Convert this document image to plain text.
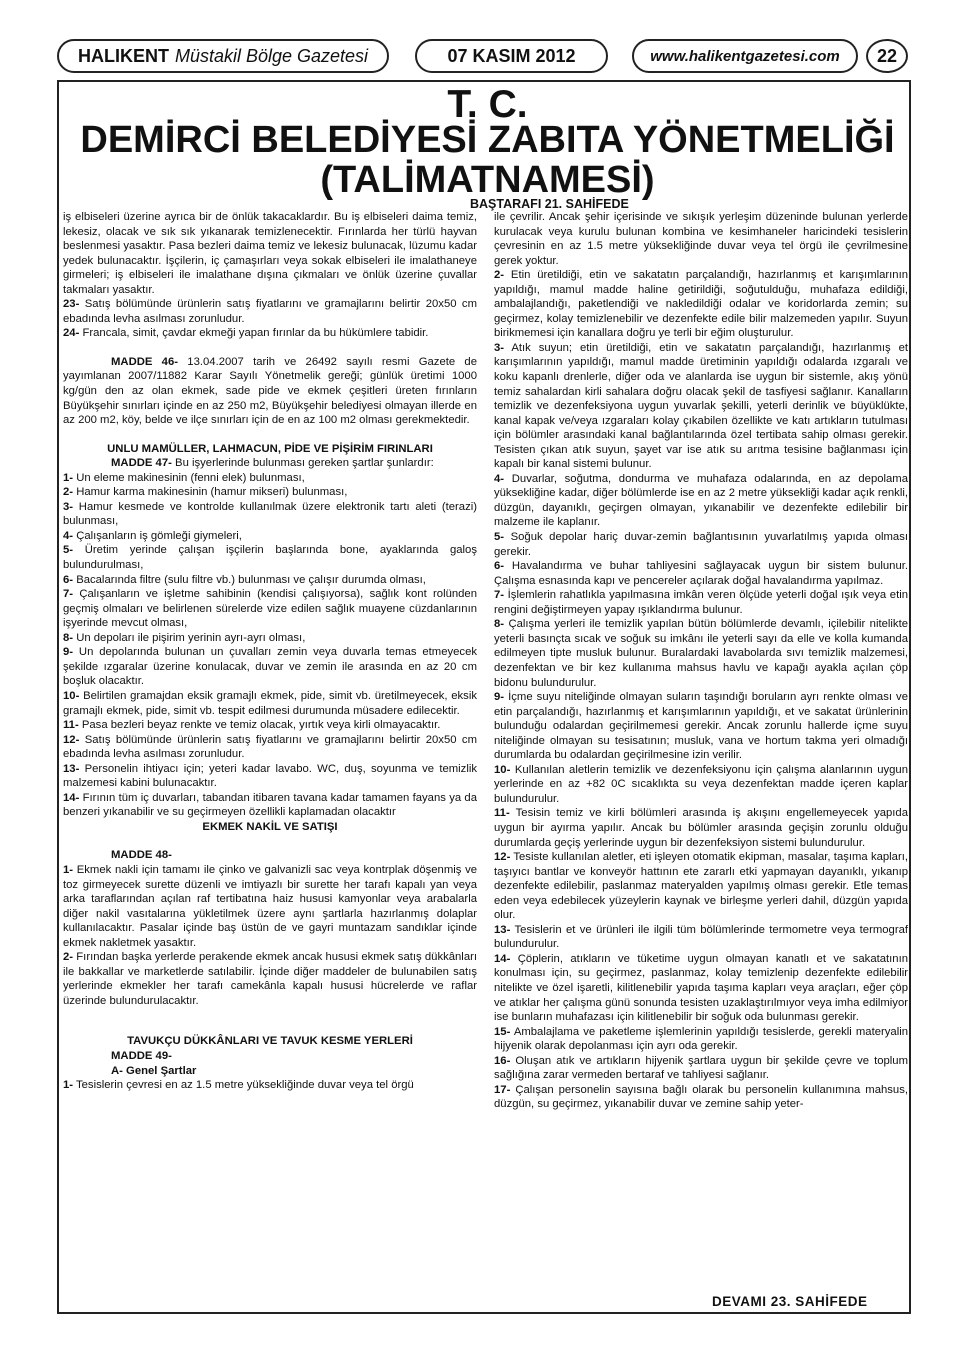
HALIKENT Müstakil Bölge Gazetesi	07 KASIM 2012	www.halikentgazetesi.com	22
T. C.
DEMİRCİ BELEDİYESİ ZABITA YÖNETMELİĞİ
(TALİMATNAMESİ)
BAŞTARAFI 21. SAHİFEDE

iş elbiseleri üzerine ayrıca bir de önlük takacaklardır. Bu iş elbiseleri daima temiz, lekesiz, olacak ve sık sık yıkanarak temizlenecektir. Fırınlarda her türlü hayvan beslenmesi yasaktır. Pasa bezleri daima temiz ve lekesiz bulunacak, lüzumu kadar yedek bulunacaktır. İşçilerin, iç çamaşırları veya sokak elbiseleri ile imalathaneye girmeleri; iş elbiseleri ile imalathane dışına çıkmaları ve önlük üzerine çuvallar takmaları yasaktır.

23- Satış bölümünde ürünlerin satış fiyatlarını ve gramajlarını belirtir 20x50 cm ebadında levha asılması zorunludur.

24- Francala, simit, çavdar ekmeği yapan fırınlar da bu hükümlere tabidir.

MADDE 46- 13.04.2007 tarih ve 26492 sayılı resmi Gazete de yayımlanan 2007/11882 Karar Sayılı Yönetmelik gereği; günlük üretimi 1000 kg/gün den az olan ekmek, sade pide ve ekmek çeşitleri üreten fırınların Büyükşehir sınırları içinde en az 250 m2, Büyükşehir belediyesi olmayan illerde en az 200 m2, köy, belde ve ilçe sınırları için de en az 100 m2 olması gerekmektedir.

UNLU MAMÜLLER, LAHMACUN, PİDE VE PİŞİRİM FIRINLARI

MADDE 47- Bu işyerlerinde bulunması gereken şartlar şunlardır:

1- Un eleme makinesinin (fenni elek) bulunması,

2- Hamur karma makinesinin (hamur mikseri) bulunması,

3- Hamur kesmede ve kontrolde kullanılmak üzere elektronik tartı aleti (terazi) bulunması,

4- Çalışanların iş gömleği giymeleri,

5- Üretim yerinde çalışan işçilerin başlarında bone, ayaklarında galoş bulundurulması,

6- Bacalarında filtre (sulu filtre vb.) bulunması ve çalışır durumda olması,

7- Çalışanların ve işletme sahibinin (kendisi çalışıyorsa), sağlık kont rolünden geçmiş olmaları ve belirlenen sürelerde vize edilen sağlık muayene cüzdanlarının işyerinde mevcut olması,

8- Un depoları ile pişirim yerinin ayrı-ayrı olması,

9- Un depolarında bulunan un çuvalları zemin veya duvarla temas etmeyecek şekilde ızgaralar üzerine konulacak, duvar ve zemin ile arasında en az 20 cm boşluk olacaktır.

10- Belirtilen gramajdan eksik gramajlı ekmek, pide, simit vb. üretilmeyecek, eksik gramajlı ekmek, pide, simit vb. tespit edilmesi durumunda müsadere edilecektir.

11- Pasa bezleri beyaz renkte ve temiz olacak, yırtık veya kirli olmayacaktır.

12- Satış bölümünde ürünlerin satış fiyatlarını ve gramajlarını belirtir 20x50 cm ebadında levha asılması zorunludur.

13- Personelin ihtiyacı için; yeteri kadar lavabo. WC, duş, soyunma ve temizlik malzemesi kabini bulunacaktır.

14- Fırının tüm iç duvarları, tabandan itibaren tavana kadar tamamen fayans ya da benzeri yıkanabilir ve su geçirmeyen özellikli kaplamadan olacaktır

EKMEK NAKİL VE SATIŞI

MADDE 48-

1- Ekmek nakli için tamamı ile çinko ve galvanizli sac veya kontrplak döşenmiş ve toz girmeyecek surette düzenli ve imtiyazlı bir surette her tarafı kapalı yan veya arka taraflarından açılan raf tertibatına haiz hususi kamyonlar veya arabalarla diğer nakil vasıtalarına yükletilmek üzere aynı şartlarla hazırlanmış dolaplar kullanılacaktır. Pasalar içinde baş üstün de ve gayri muntazam sandıklar içinde ekmek nakletmek yasaktır.

2- Fırından başka yerlerde perakende ekmek ancak hususi ekmek satış dükkânları ile bakkallar ve marketlerde satılabilir. İçinde diğer maddeler de bulunabilen satış yerlerinde ekmekler her tarafı camekânla kapalı hususi hücrelerde ve raflar üzerinde bulundurulacaktır.

TAVUKÇU DÜKKÂNLARI VE TAVUK KESME YERLERİ

MADDE 49-

A- Genel Şartlar

1- Tesislerin çevresi en az 1.5 metre yüksekliğinde duvar veya tel örgü

ile çevrilir. Ancak şehir içerisinde ve sıkışık yerleşim düzeninde bulunan yerlerde kurulacak veya kurulu bulunan kombina ve kesimhaneler haricindeki tesislerin çevresinin en az 1.5 metre yüksekliğinde duvar veya tel örgü ile çevrilmesine gerek yoktur.

2- Etin üretildiği, etin ve sakatatın parçalandığı, hazırlanmış et karışımlarının yapıldığı, mamul madde haline getirildiği, soğutulduğu, muhafaza edildiği, ambalajlandığı, paketlendiği ve nakledildiği odalar ve koridorlarda zemin; su geçirmez, kolay temizlenebilir ve dezenfekte edile bilir malzemeden yapılır. Suyun birikmemesi için kanallara doğru ye terli bir eğim oluşturulur.

3- Atık suyun; etin üretildiği, etin ve sakatatın parçalandığı, hazırlanmış et karışımlarının yapıldığı, mamul madde üretiminin yapıldığı odalarda ızgaralı ve koku kapanlı drenlerle, diğer oda ve alanlarda ise uygun bir sistemle, akış yönü temiz sahalardan kirli sahalara doğru olacak şekil de tasfiyesi sağlanır. Kanalların temizlik ve dezenfeksiyona uygun yuvarlak şekilli, yeterli derinlik ve büyüklükte, kanal kapak ve/veya ızgaraları kolay çıkabilen özellikte ve katı artıkların tutulması için bölümler arasındaki kanal bağlantılarında özel tertibata sahip olması gerekir. Tesisten çıkan atık suyun, şayet var ise atık su arıtma tesisine bağlanması için kapalı bir kanal sistemi bulunur.

4- Duvarlar, soğutma, dondurma ve muhafaza odalarında, en az depolama yüksekliğine kadar, diğer bölümlerde ise en az 2 metre yüksekliği kadar açık renkli, düzgün, dayanıklı, geçirgen olmayan, yıkanabilir ve dezenfekte edilebilir bir malzeme ile kaplanır.

5- Soğuk depolar hariç duvar-zemin bağlantısının yuvarlatılmış yapıda olması gerekir.

6- Havalandırma ve buhar tahliyesini sağlayacak uygun bir sistem bulunur. Çalışma esnasında kapı ve pencereler açılarak doğal havalandırma yapılmaz.

7- İşlemlerin rahatlıkla yapılmasına imkân veren ölçüde yeterli doğal ışık veya etin rengini değiştirmeyen yapay ışıklandırma bulunur.

8- Çalışma yerleri ile temizlik yapılan bütün bölümlerde devamlı, içilebilir nitelikte yeterli basınçta sıcak ve soğuk su imkânı ile yeterli sayı da elle ve kolla kumanda edilmeyen tipte musluk bulunur. Buralardaki lavabolarda sıvı temizlik malzemesi, dezenfektan ve bir kez kullanıma mahsus havlu ve kapağı ayakla açılan çöp bidonu bulundurulur.

9- İçme suyu niteliğinde olmayan suların taşındığı boruların ayrı renkte olması ve etin parçalandığı, hazırlanmış et karışımlarının yapıldığı, et ve sakatat ürünlerinin bulunduğu odalardan geçirilmemesi gerekir. Ancak zorunlu hallerde içme suyu niteliğinde olmayan su tesisatının; musluk, vana ve hortum takma yeri olmadığı durumlarda bu odalardan geçirilmesine izin verilir.

10- Kullanılan aletlerin temizlik ve dezenfeksiyonu için çalışma alanlarının uygun yerlerinde en az +82 0C sıcaklıkta su veya dezenfektan madde içeren kaplar bulundurulur.

11- Tesisin temiz ve kirli bölümleri arasında iş akışını engellemeyecek yapıda uygun bir ayırma yapılır. Ancak bu bölümler arasında geçişin zorunlu olduğu durumlarda geçiş yerlerinde uygun bir dezenfeksiyon sistemi bulundurulur.

12- Tesiste kullanılan aletler, eti işleyen otomatik ekipman, masalar, taşıma kapları, taşıyıcı bantlar ve konveyör hattının ete zararlı etki yapmayan dayanıklı, yıkanıp dezenfekte edilebilir, paslanmaz materyalden yapılmış olması gerekir. Etle temas eden veya edebilecek yüzeylerin kaynak ve birleşme yerleri dahil, düzgün yapıda olur.

13- Tesislerin et ve ürünleri ile ilgili tüm bölümlerinde termometre veya termograf bulundurulur.

14- Çöplerin, atıkların ve tüketime uygun olmayan kanatlı et ve sakatatının konulması için, su geçirmez, paslanmaz, kolay temizlenip dezenfekte edilebilir nitelikte ve özel işaretli, kilitlenebilir yapıda taşıma kapları veya araçları, eğer çöp ve atıklar her çalışma günü sonunda tesisten uzaklaştırılmıyor veya imha edilmiyor ise bunların muhafazası için kilitlenebilir bir soğuk oda bulunması gerekir.

15- Ambalajlama ve paketleme işlemlerinin yapıldığı tesislerde, gerekli materyalin hijyenik olarak depolanması için ayrı oda gerekir.

16- Oluşan atık ve artıkların hijyenik şartlara uygun bir şekilde çevre ve toplum sağlığına zarar vermeden bertaraf ve tahliyesi sağlanır.

17- Çalışan personelin sayısına bağlı olarak bu personelin kullanımına mahsus, düzgün, su geçirmez, yıkanabilir duvar ve zemine sahip yeter-

DEVAMI 23. SAHİFEDE
